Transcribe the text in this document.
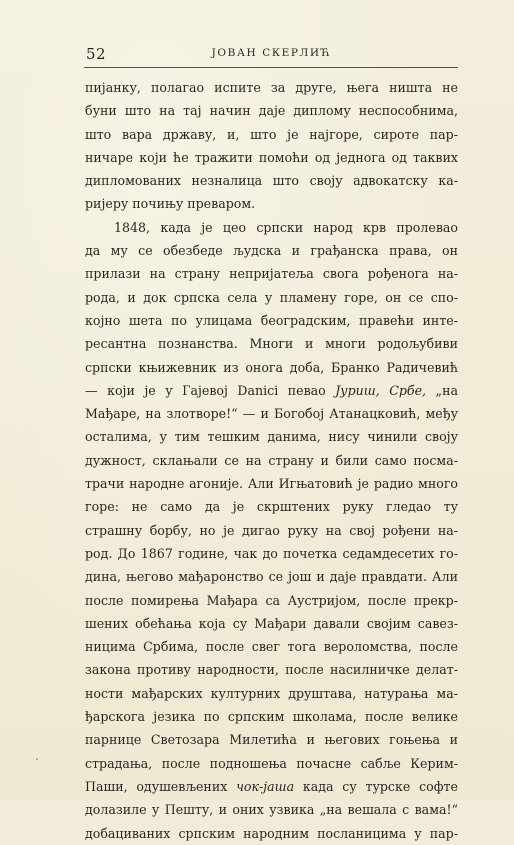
52	ЈОВАН СКЕРЛИЋ
пијанку, полагао испите за друге, њега ништа не
буни што на тај начин даје диплому неспособнима,
што вара државу, и, што је најгоре, сироте пар-
ничаре који ће тражити помоћи од једнога од таквих
дипломованих незналица што своју адвокатску ка-
ријеру почињу преваром.
1848, када је цео српски народ крв пролевао
да му се обезбеде људска и грађанска права, он
прилази на страну непријатеља свога рођенога на-
рода, и док српска села у пламену горе, он се спо-
којно шета по улицама београдским, правећи инте-
ресантна познанства. Многи и многи родољубиви
српски књижевник из онога доба, Бранко Радичевић
— који је у Гајевој Danici певао Јуриш, Србе, „на
Мађаре, на злотворе!“ — и Богобој Атанацковић, међу
осталима, у тим тешким данима, нису чинили своју
дужност, склањали се на страну и били само посма-
трачи народне агоније. Али Игњатовић је радио много
горе: не само да је скрштених руку гледао ту
страшну борбу, но је дигао руку на свој рођени на-
род. До 1867 године, чак до почетка седамдесетих го-
дина, његово мађаронство се још и даје правдати. Али
после помирења Мађара са Аустријом, после прекр-
шених обећања која су Мађари давали својим савез-
ницима Србима, после свег тога вероломства, после
закона противу народности, после насилничке делат-
ности мађарских културних друштава, натурања ма-
ђарскога језика по српским школама, после велике
парнице Светозара Милетића и његових гоњења и
страдања, после подношења почасне сабље Керим-
Паши, одушевљених чок-јаша када су турске софте
долазиле у Пешту, и оних узвика „на вешала с вама!“
добациваних српским народним посланицима у пар-
